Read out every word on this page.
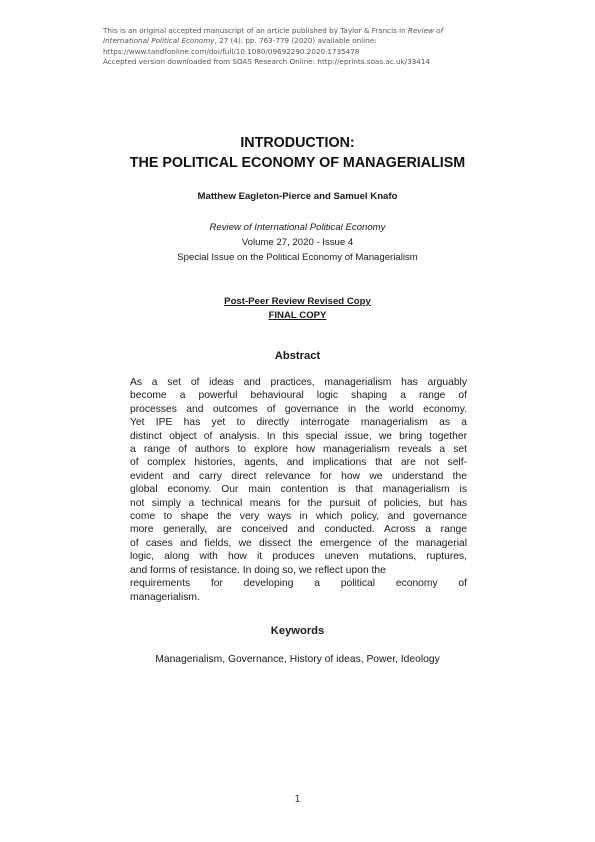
This is an original accepted manuscript of an article published by Taylor & Francis in Review of
International Political Economy, 27 (4). pp. 763-779 (2020) available online:
https://www.tandfonline.com/doi/full/10.1080/09692290.2020.1735478
Accepted version downloaded from SOAS Research Online: http://eprints.soas.ac.uk/33414
INTRODUCTION:
THE POLITICAL ECONOMY OF MANAGERIALISM
Matthew Eagleton-Pierce and Samuel Knafo
Review of International Political Economy
Volume 27, 2020 - Issue 4
Special Issue on the Political Economy of Managerialism
Post-Peer Review Revised Copy
FINAL COPY
Abstract
As a set of ideas and practices, managerialism has arguably
become a powerful behavioural logic shaping a range of
processes and outcomes of governance in the world economy.
Yet IPE has yet to directly interrogate managerialism as a
distinct object of analysis. In this special issue, we bring together
a range of authors to explore how managerialism reveals a set
of complex histories, agents, and implications that are not self-
evident and carry direct relevance for how we understand the
global economy. Our main contention is that managerialism is
not simply a technical means for the pursuit of policies, but has
come to shape the very ways in which policy, and governance
more generally, are conceived and conducted. Across a range
of cases and fields, we dissect the emergence of the managerial
logic, along with how it produces uneven mutations, ruptures,
and forms of resistance. In doing so, we reflect upon the
requirements for developing a political economy of
managerialism.
Keywords
Managerialism, Governance, History of ideas, Power, Ideology
1
